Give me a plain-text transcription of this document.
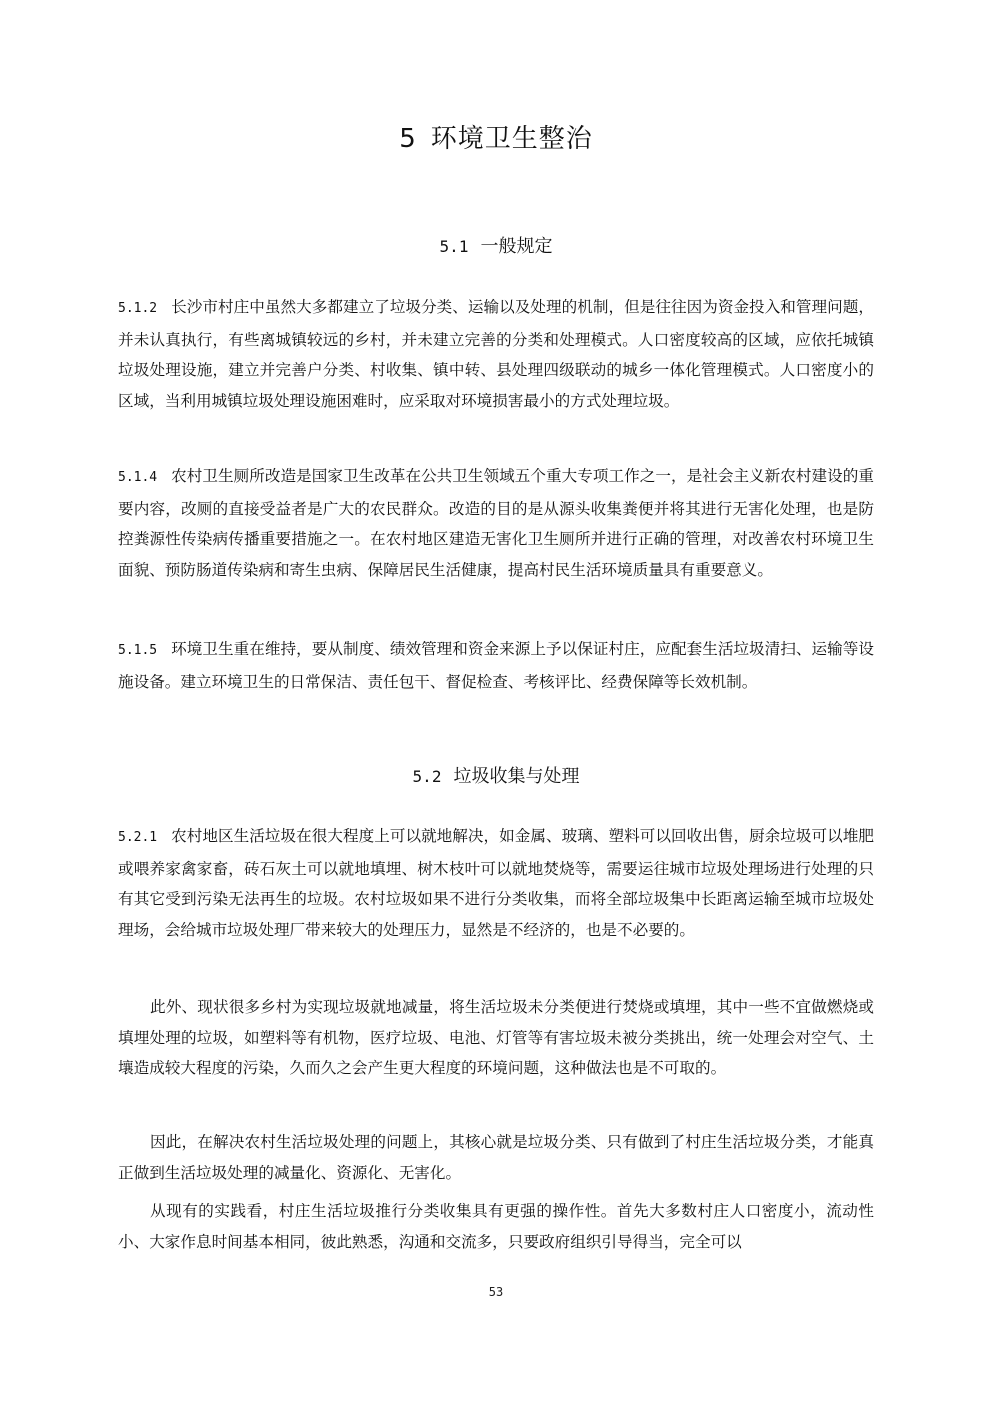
5 环境卫生整治
5.1 一般规定

5.1.2 长沙市村庄中虽然大多都建立了垃圾分类、运输以及处理的机制，但是往往因为资金投入和管理问题，并未认真执行，有些离城镇较远的乡村，并未建立完善的分类和处理模式。人口密度较高的区域，应依托城镇垃圾处理设施，建立并完善户分类、村收集、镇中转、县处理四级联动的城乡一体化管理模式。人口密度小的区域，当利用城镇垃圾处理设施困难时，应采取对环境损害最小的方式处理垃圾。

5.1.4 农村卫生厕所改造是国家卫生改革在公共卫生领域五个重大专项工作之一，是社会主义新农村建设的重要内容，改厕的直接受益者是广大的农民群众。改造的目的是从源头收集粪便并将其进行无害化处理，也是防控粪源性传染病传播重要措施之一。在农村地区建造无害化卫生厕所并进行正确的管理，对改善农村环境卫生面貌、预防肠道传染病和寄生虫病、保障居民生活健康，提高村民生活环境质量具有重要意义。

5.1.5 环境卫生重在维持，要从制度、绩效管理和资金来源上予以保证村庄，应配套生活垃圾清扫、运输等设施设备。建立环境卫生的日常保洁、责任包干、督促检查、考核评比、经费保障等长效机制。

5.2 垃圾收集与处理

5.2.1 农村地区生活垃圾在很大程度上可以就地解决，如金属、玻璃、塑料可以回收出售，厨余垃圾可以堆肥或喂养家禽家畜，砖石灰土可以就地填埋、树木枝叶可以就地焚烧等，需要运往城市垃圾处理场进行处理的只有其它受到污染无法再生的垃圾。农村垃圾如果不进行分类收集，而将全部垃圾集中长距离运输至城市垃圾处理场，会给城市垃圾处理厂带来较大的处理压力，显然是不经济的，也是不必要的。

此外、现状很多乡村为实现垃圾就地减量，将生活垃圾未分类便进行焚烧或填埋，其中一些不宜做燃烧或填埋处理的垃圾，如塑料等有机物，医疗垃圾、电池、灯管等有害垃圾未被分类挑出，统一处理会对空气、土壤造成较大程度的污染，久而久之会产生更大程度的环境问题，这种做法也是不可取的。

因此，在解决农村生活垃圾处理的问题上，其核心就是垃圾分类、只有做到了村庄生活垃圾分类，才能真正做到生活垃圾处理的减量化、资源化、无害化。

从现有的实践看，村庄生活垃圾推行分类收集具有更强的操作性。首先大多数村庄人口密度小，流动性小、大家作息时间基本相同，彼此熟悉，沟通和交流多，只要政府组织引导得当，完全可以

53
